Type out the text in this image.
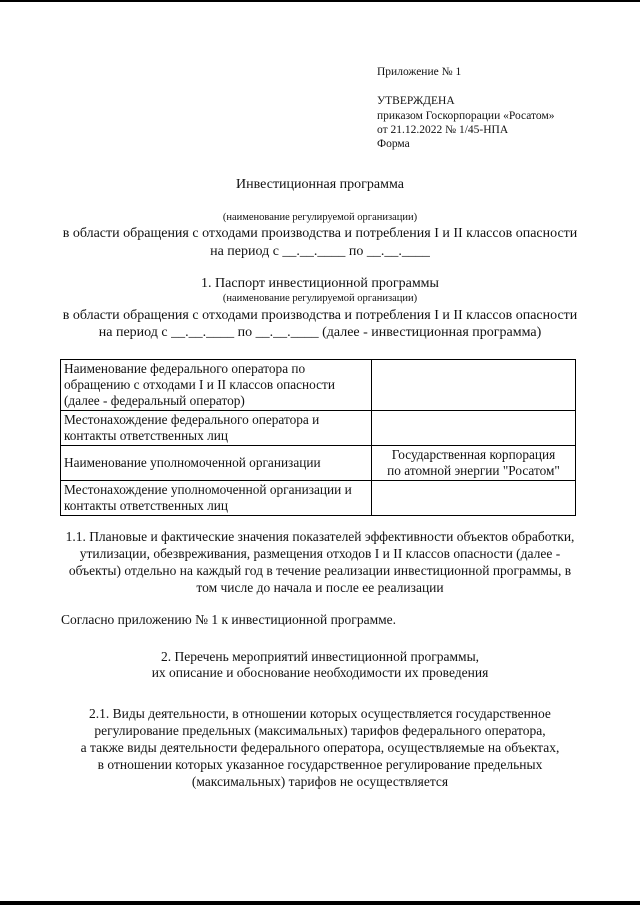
Приложение № 1
УТВЕРЖДЕНА
приказом Госкорпорации «Росатом»
от 21.12.2022 № 1/45-НПА
Форма
Инвестиционная программа
(наименование регулируемой организации)
в области обращения с отходами производства и потребления I и II классов опасности
на период с __.__.____ по __.__.____
1. Паспорт инвестиционной программы
(наименование регулируемой организации)
в области обращения с отходами производства и потребления I и II классов опасности
на период с __.__.____ по __.__.____ (далее - инвестиционная программа)
Наименование федерального оператора по
обращению с отходами I и II классов опасности
(далее - федеральный оператор)	

Местонахождение федерального оператора и
контакты ответственных лиц	

Наименование уполномоченной организации	Государственная корпорация
по атомной энергии "Росатом"

Местонахождение уполномоченной организации и
контакты ответственных лиц	

1.1. Плановые и фактические значения показателей эффективности объектов обработки,
утилизации, обезвреживания, размещения отходов I и II классов опасности (далее -
объекты) отдельно на каждый год в течение реализации инвестиционной программы, в
том числе до начала и после ее реализации
Согласно приложению № 1 к инвестиционной программе.
2. Перечень мероприятий инвестиционной программы,
их описание и обоснование необходимости их проведения
2.1. Виды деятельности, в отношении которых осуществляется государственное
регулирование предельных (максимальных) тарифов федерального оператора,
а также виды деятельности федерального оператора, осуществляемые на объектах,
в отношении которых указанное государственное регулирование предельных
(максимальных) тарифов не осуществляется
